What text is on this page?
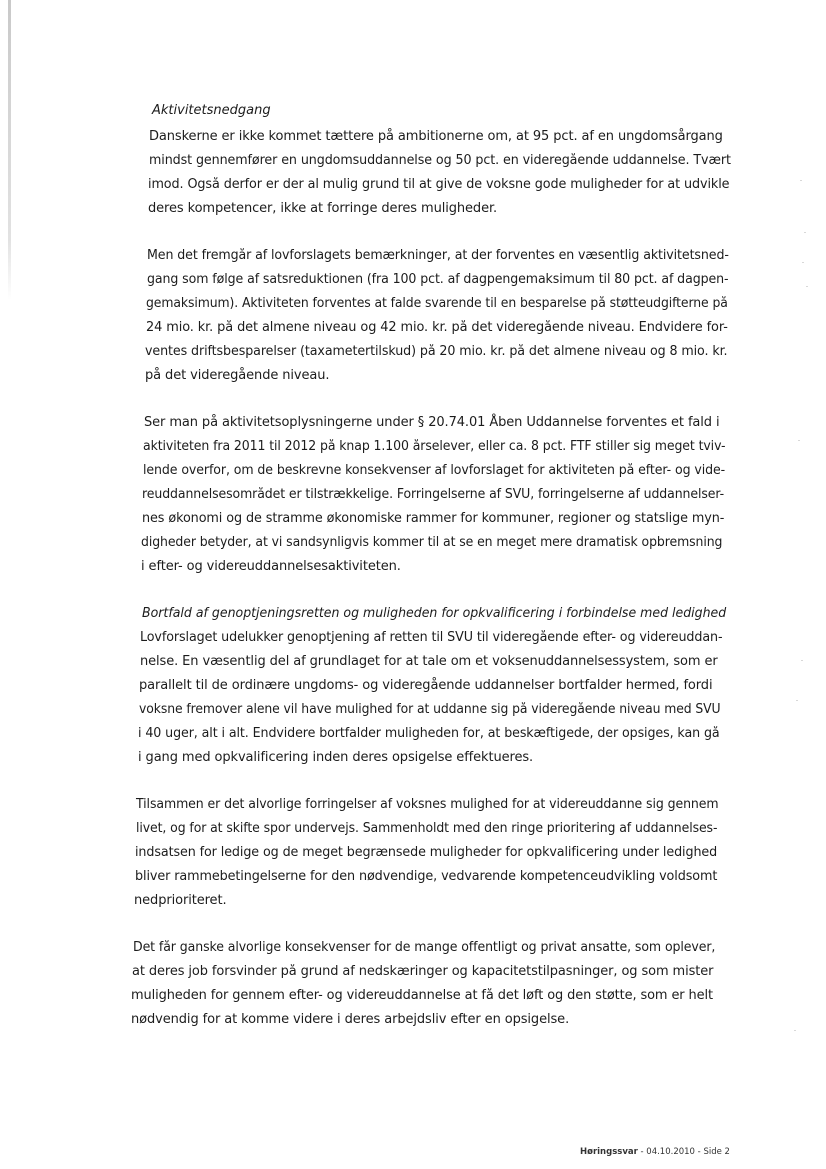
Aktivitetsnedgang
Danskerne er ikke kommet tættere på ambitionerne om, at 95 pct. af en ungdomsårgang
mindst gennemfører en ungdomsuddannelse og 50 pct. en videregående uddannelse. Tvært
imod. Også derfor er der al mulig grund til at give de voksne gode muligheder for at udvikle
deres kompetencer, ikke at forringe deres muligheder.
Men det fremgår af lovforslagets bemærkninger, at der forventes en væsentlig aktivitetsned-
gang som følge af satsreduktionen (fra 100 pct. af dagpengemaksimum til 80 pct. af dagpen-
gemaksimum). Aktiviteten forventes at falde svarende til en besparelse på støtteudgifterne på
24 mio. kr. på det almene niveau og 42 mio. kr. på det videregående niveau. Endvidere for-
ventes driftsbesparelser (taxametertilskud) på 20 mio. kr. på det almene niveau og 8 mio. kr.
på det videregående niveau.
Ser man på aktivitetsoplysningerne under § 20.74.01 Åben Uddannelse forventes et fald i
aktiviteten fra 2011 til 2012 på knap 1.100 årselever, eller ca. 8 pct. FTF stiller sig meget tviv-
lende overfor, om de beskrevne konsekvenser af lovforslaget for aktiviteten på efter- og vide-
reuddannelsesområdet er tilstrækkelige. Forringelserne af SVU, forringelserne af uddannelser-
nes økonomi og de stramme økonomiske rammer for kommuner, regioner og statslige myn-
digheder betyder, at vi sandsynligvis kommer til at se en meget mere dramatisk opbremsning
i efter- og videreuddannelsesaktiviteten.
Bortfald af genoptjeningsretten og muligheden for opkvalificering i forbindelse med ledighed
Lovforslaget udelukker genoptjening af retten til SVU til videregående efter- og videreuddan-
nelse. En væsentlig del af grundlaget for at tale om et voksenuddannelsessystem, som er
parallelt til de ordinære ungdoms- og videregående uddannelser bortfalder hermed, fordi
voksne fremover alene vil have mulighed for at uddanne sig på videregående niveau med SVU
i 40 uger, alt i alt. Endvidere bortfalder muligheden for, at beskæftigede, der opsiges, kan gå
i gang med opkvalificering inden deres opsigelse effektueres.
Tilsammen er det alvorlige forringelser af voksnes mulighed for at videreuddanne sig gennem
livet, og for at skifte spor undervejs. Sammenholdt med den ringe prioritering af uddannelses-
indsatsen for ledige og de meget begrænsede muligheder for opkvalificering under ledighed
bliver rammebetingelserne for den nødvendige, vedvarende kompetenceudvikling voldsomt
nedprioriteret.
Det får ganske alvorlige konsekvenser for de mange offentligt og privat ansatte, som oplever,
at deres job forsvinder på grund af nedskæringer og kapacitetstilpasninger, og som mister
muligheden for gennem efter- og videreuddannelse at få det løft og den støtte, som er helt
nødvendig for at komme videre i deres arbejdsliv efter en opsigelse.
Høringssvar - 04.10.2010 - Side 2
